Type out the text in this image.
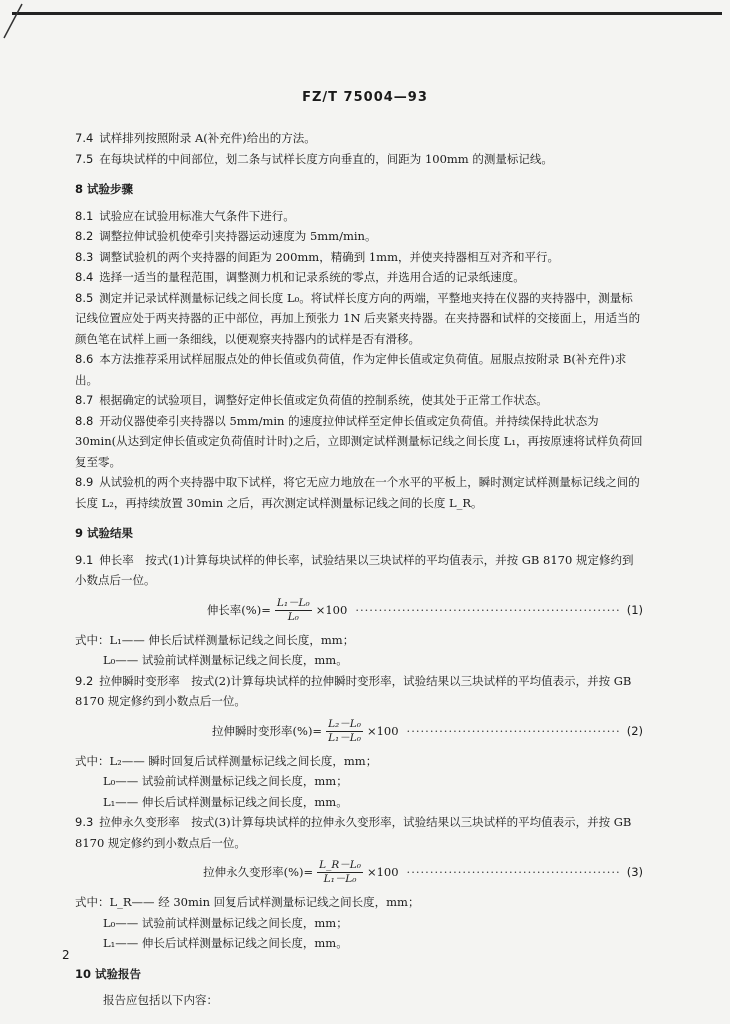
FZ/T 75004—93

7.4 试样排列按照附录 A(补充件)给出的方法。

7.5 在每块试样的中间部位，划二条与试样长度方向垂直的，间距为 100mm 的测量标记线。

8 试验步骤

8.1 试验应在试验用标准大气条件下进行。

8.2 调整拉伸试验机使牵引夹持器运动速度为 5mm/min。

8.3 调整试验机的两个夹持器的间距为 200mm，精确到 1mm，并使夹持器相互对齐和平行。

8.4 选择一适当的量程范围，调整测力机和记录系统的零点，并选用合适的记录纸速度。

8.5 测定并记录试样测量标记线之间长度 L₀。将试样长度方向的两端，平整地夹持在仪器的夹持器中，测量标记线位置应处于两夹持器的正中部位，再加上预张力 1N 后夹紧夹持器。在夹持器和试样的交接面上，用适当的颜色笔在试样上画一条细线，以便观察夹持器内的试样是否有滑移。

8.6 本方法推荐采用试样屈服点处的伸长值或负荷值，作为定伸长值或定负荷值。屈服点按附录 B(补充件)求出。

8.7 根据确定的试验项目，调整好定伸长值或定负荷值的控制系统，使其处于正常工作状态。

8.8 开动仪器使牵引夹持器以 5mm/min 的速度拉伸试样至定伸长值或定负荷值。并持续保持此状态为 30min(从达到定伸长值或定负荷值时计时)之后，立即测定试样测量标记线之间长度 L₁，再按原速将试样负荷回复至零。

8.9 从试验机的两个夹持器中取下试样，将它无应力地放在一个水平的平板上，瞬时测定试样测量标记线之间的长度 L₂，再持续放置 30min 之后，再次测定试样测量标记线之间的长度 L_R。

9 试验结果

9.1 伸长率　按式(1)计算每块试样的伸长率，试验结果以三块试样的平均值表示，并按 GB 8170 规定修约到小数点后一位。

伸长率(%)= $\frac{\text{L₁－L₀}}{\text{L₀}} \times 100$ ························································· (1)

式中：L₁—— 伸长后试样测量标记线之间长度，mm；

L₀—— 试验前试样测量标记线之间长度，mm。

9.2 拉伸瞬时变形率　按式(2)计算每块试样的拉伸瞬时变形率，试验结果以三块试样的平均值表示，并按 GB 8170 规定修约到小数点后一位。

拉伸瞬时变形率(%)= $\frac{\text{L₂－L₀}}{\text{L₁－L₀}} \times 100$ ·············································· (2)

式中：L₂—— 瞬时回复后试样测量标记线之间长度，mm；

L₀—— 试验前试样测量标记线之间长度，mm；

L₁—— 伸长后试样测量标记线之间长度，mm。

9.3 拉伸永久变形率　按式(3)计算每块试样的拉伸永久变形率，试验结果以三块试样的平均值表示，并按 GB 8170 规定修约到小数点后一位。

拉伸永久变形率(%)= $\frac{\text{L\_R－L₀}}{\text{L₁－L₀}} \times 100$ ·············································· (3)

式中：L_R—— 经 30min 回复后试样测量标记线之间长度，mm；

L₀—— 试验前试样测量标记线之间长度，mm；

L₁—— 伸长后试样测量标记线之间长度，mm。

10 试验报告

报告应包括以下内容：

2
